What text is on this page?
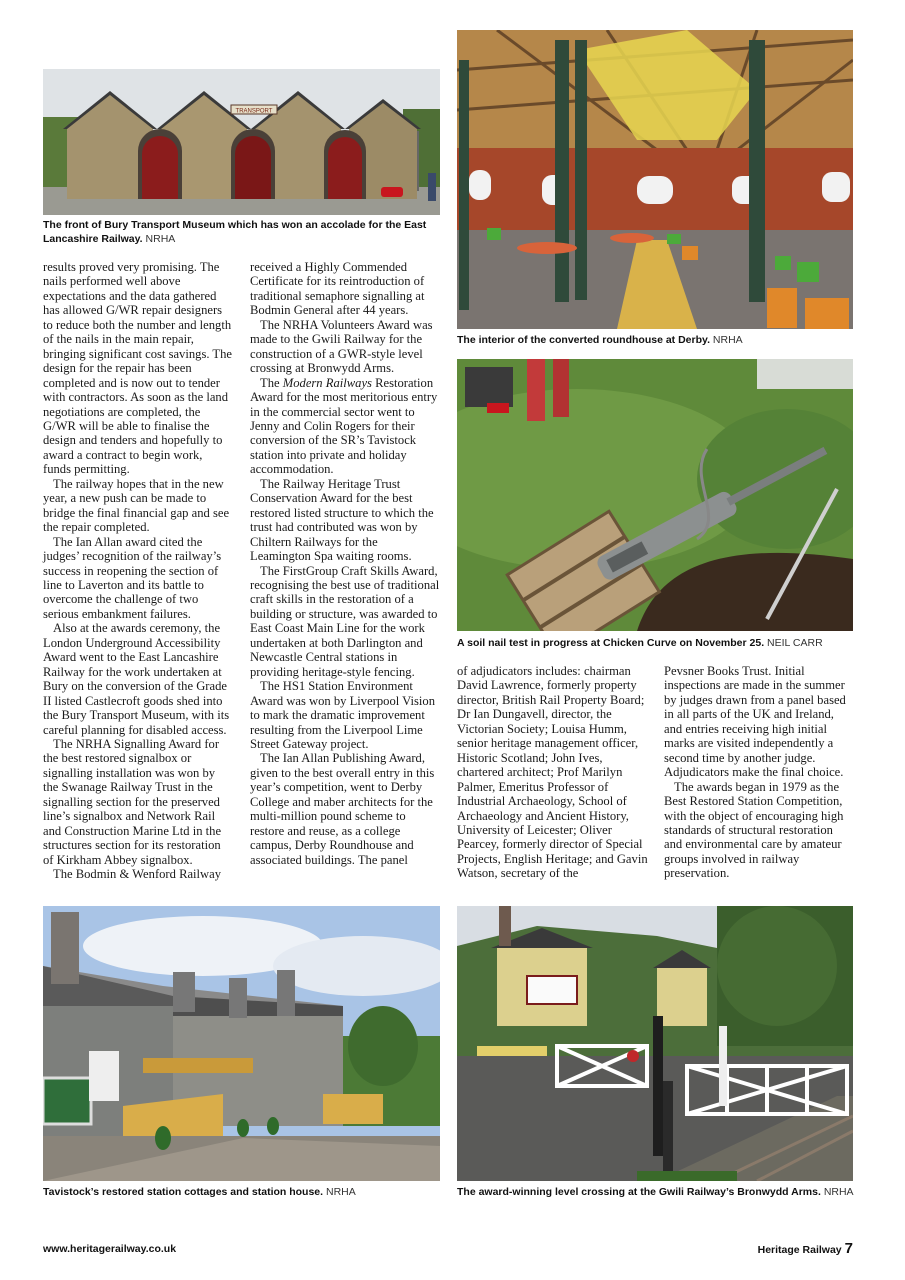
TRANSPORT
The front of Bury Transport Museum which has won an accolade for the East Lancashire Railway. NRHA
The interior of the converted roundhouse at Derby. NRHA
A soil nail test in progress at Chicken Curve on November 25. NEIL CARR

results proved very promising. The nails performed well above expectations and the data gathered has allowed G/WR repair designers to reduce both the number and length of the nails in the main repair, bringing significant cost savings. The design for the repair has been completed and is now out to tender with contractors. As soon as the land negotiations are completed, the G/WR will be able to finalise the design and tenders and hopefully to award a contract to begin work, funds permitting.

The railway hopes that in the new year, a new push can be made to bridge the final financial gap and see the repair completed.

The Ian Allan award cited the judges’ recognition of the railway’s success in reopening the section of line to Laverton and its battle to overcome the challenge of two serious embankment failures.

Also at the awards ceremony, the London Underground Accessibility Award went to the East Lancashire Railway for the work undertaken at Bury on the conversion of the Grade II listed Castlecroft goods shed into the Bury Transport Museum, with its careful planning for disabled access.

The NRHA Signalling Award for the best restored signalbox or signalling installation was won by the Swanage Railway Trust in the signalling section for the preserved line’s signalbox and Network Rail and Construction Marine Ltd in the structures section for its restoration of Kirkham Abbey signalbox.

The Bodmin & Wenford Railway

received a Highly Commended Certificate for its reintroduction of traditional semaphore signalling at Bodmin General after 44 years.

The NRHA Volunteers Award was made to the Gwili Railway for the construction of a GWR-style level crossing at Bronwydd Arms.

The Modern Railways Restoration Award for the most meritorious entry in the commercial sector went to Jenny and Colin Rogers for their conversion of the SR’s Tavistock station into private and holiday accommodation.

The Railway Heritage Trust Conservation Award for the best restored listed structure to which the trust had contributed was won by Chiltern Railways for the Leamington Spa waiting rooms.

The FirstGroup Craft Skills Award, recognising the best use of traditional craft skills in the restoration of a building or structure, was awarded to East Coast Main Line for the work undertaken at both Darlington and Newcastle Central stations in providing heritage-style fencing.

The HS1 Station Environment Award was won by Liverpool Vision to mark the dramatic improvement resulting from the Liverpool Lime Street Gateway project.

The Ian Allan Publishing Award, given to the best overall entry in this year’s competition, went to Derby College and maber architects for the multi-million pound scheme to restore and reuse, as a college campus, Derby Roundhouse and associated buildings. The panel

of adjudicators includes: chairman David Lawrence, formerly property director, British Rail Property Board; Dr Ian Dungavell, director, the Victorian Society; Louisa Humm, senior heritage management officer, Historic Scotland; John Ives, chartered architect; Prof Marilyn Palmer, Emeritus Professor of Industrial Archaeology, School of Archaeology and Ancient History, University of Leicester; Oliver Pearcey, formerly director of Special Projects, English Heritage; and Gavin Watson, secretary of the

Pevsner Books Trust. Initial inspections are made in the summer by judges drawn from a panel based in all parts of the UK and Ireland, and entries receiving high initial marks are visited independently a second time by another judge. Adjudicators make the final choice.

The awards began in 1979 as the Best Restored Station Competition, with the object of encouraging high standards of structural restoration and environmental care by amateur groups involved in railway preservation.

Tavistock’s restored station cottages and station house. NRHA	The award-winning level crossing at the Gwili Railway’s Bronwydd Arms. NRHA
www.heritagerailway.co.uk	Heritage Railway 7
